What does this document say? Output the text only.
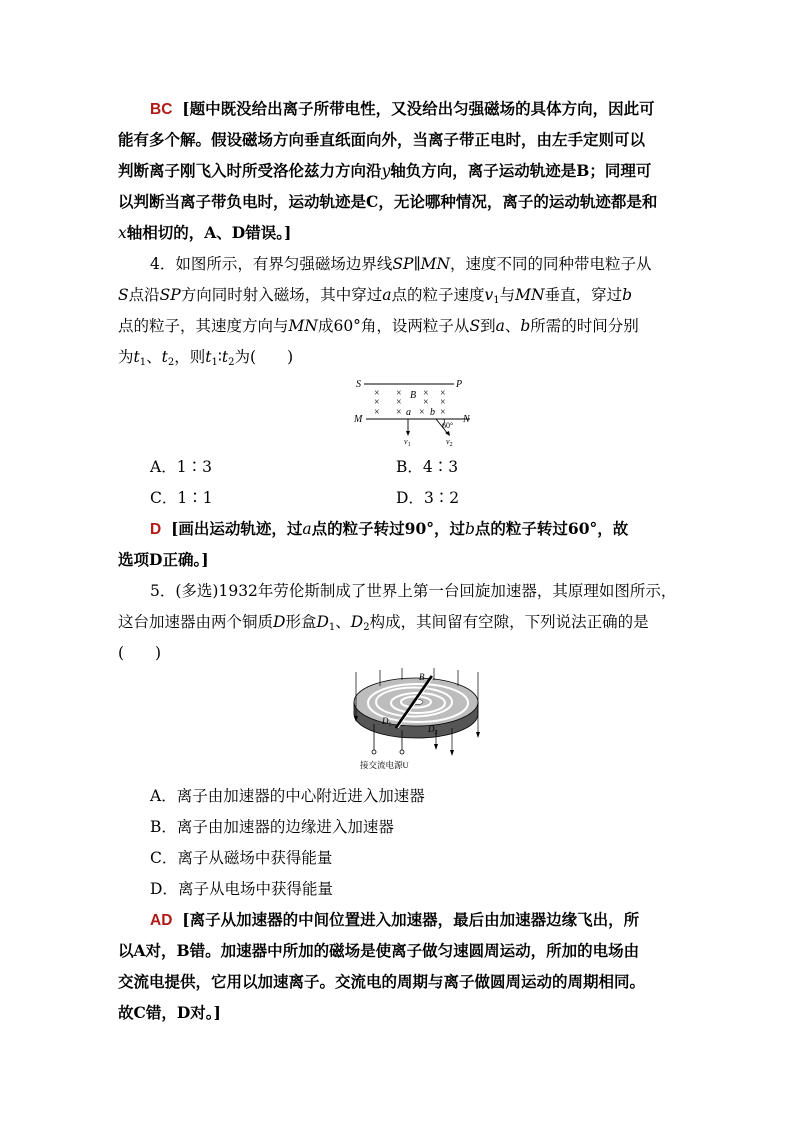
BC [题中既没给出离子所带电性，又没给出匀强磁场的具体方向，因此可
能有多个解。假设磁场方向垂直纸面向外，当离子带正电时，由左手定则可以
判断离子刚飞入时所受洛伦兹力方向沿y轴负方向，离子运动轨迹是B；同理可
以判断当离子带负电时，运动轨迹是C，无论哪种情况，离子的运动轨迹都是和
x轴相切的，A、D错误。]
4．如图所示，有界匀强磁场边界线SP∥MN，速度不同的同种带电粒子从
S点沿SP方向同时射入磁场，其中穿过a点的粒子速度$v_1$与MN垂直，穿过b
点的粒子，其速度方向与MN成60°角，设两粒子从S到a、b所需的时间分别
为$t_1$、$t_2$，则$t_1∶t_2$为(　　)
S	P
M	N
× × × ×
× × × ×
× × × ×
B
a b
$v_1$	$v_2$
60°
A．1∶3	B．4∶3
C．1∶1	D．3∶2
D [画出运动轨迹，过a点的粒子转过90°，过b点的粒子转过60°，故
选项D正确。]
5．(多选)1932年劳伦斯制成了世界上第一台回旋加速器，其原理如图所示，
这台加速器由两个铜质D形盒$D_1$、$D_2$构成，其间留有空隙，下列说法正确的是
(　　)
B
$D_1$	$D_2$
接交流电源U
A．离子由加速器的中心附近进入加速器
B．离子由加速器的边缘进入加速器
C．离子从磁场中获得能量
D．离子从电场中获得能量
AD [离子从加速器的中间位置进入加速器，最后由加速器边缘飞出，所
以A对，B错。加速器中所加的磁场是使离子做匀速圆周运动，所加的电场由
交流电提供，它用以加速离子。交流电的周期与离子做圆周运动的周期相同。
故C错，D对。]
